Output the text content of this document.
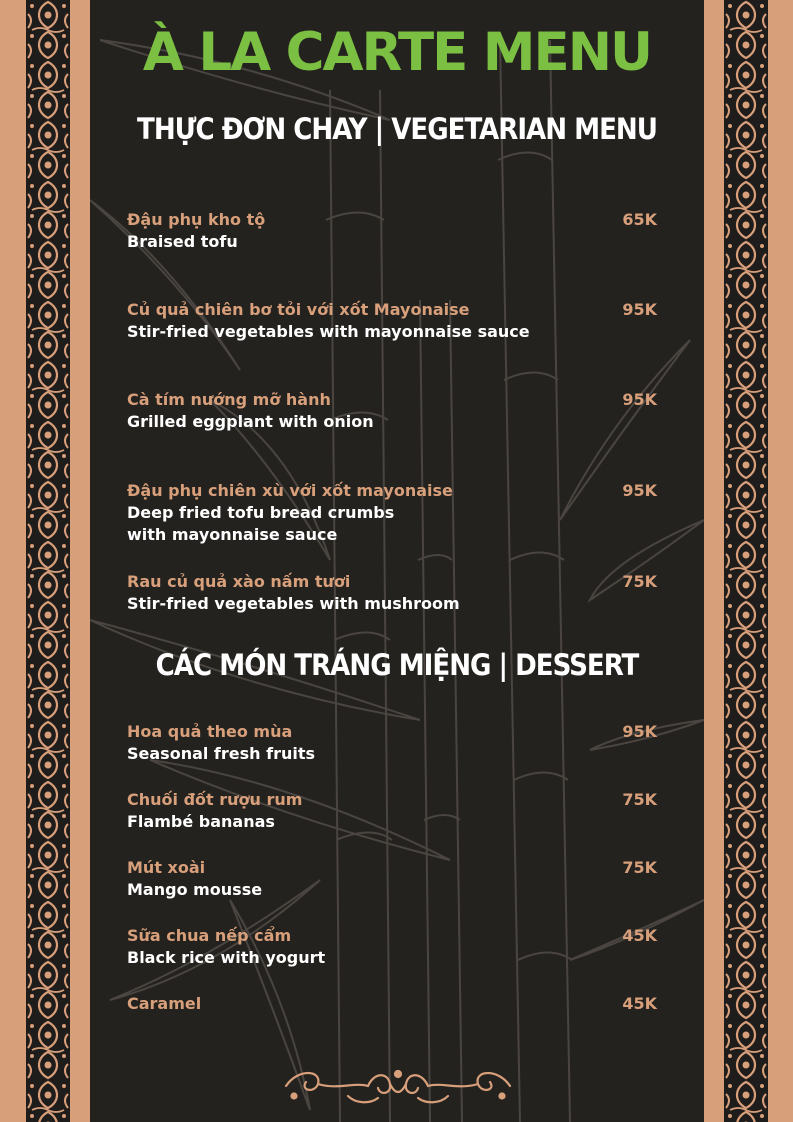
À LA CARTE MENU
THỰC ĐƠN CHAY | VEGETARIAN MENU
Đậu phụ kho tộ
Braised tofu
65K
Củ quả chiên bơ tỏi với xốt Mayonaise
Stir-fried vegetables with mayonnaise sauce
95K
Cà tím nướng mỡ hành
Grilled eggplant with onion
95K
Đậu phụ chiên xù với xốt mayonaise
Deep fried tofu bread crumbs
with mayonnaise sauce
95K
Rau củ quả xào nấm tươi
Stir-fried vegetables with mushroom
75K
CÁC MÓN TRÁNG MIỆNG | DESSERT
Hoa quả theo mùa
Seasonal fresh fruits
95K
Chuối đốt rượu rum
Flambé bananas
75K
Mút xoài
Mango mousse
75K
Sữa chua nếp cẩm
Black rice with yogurt
45K
Caramel	45K
